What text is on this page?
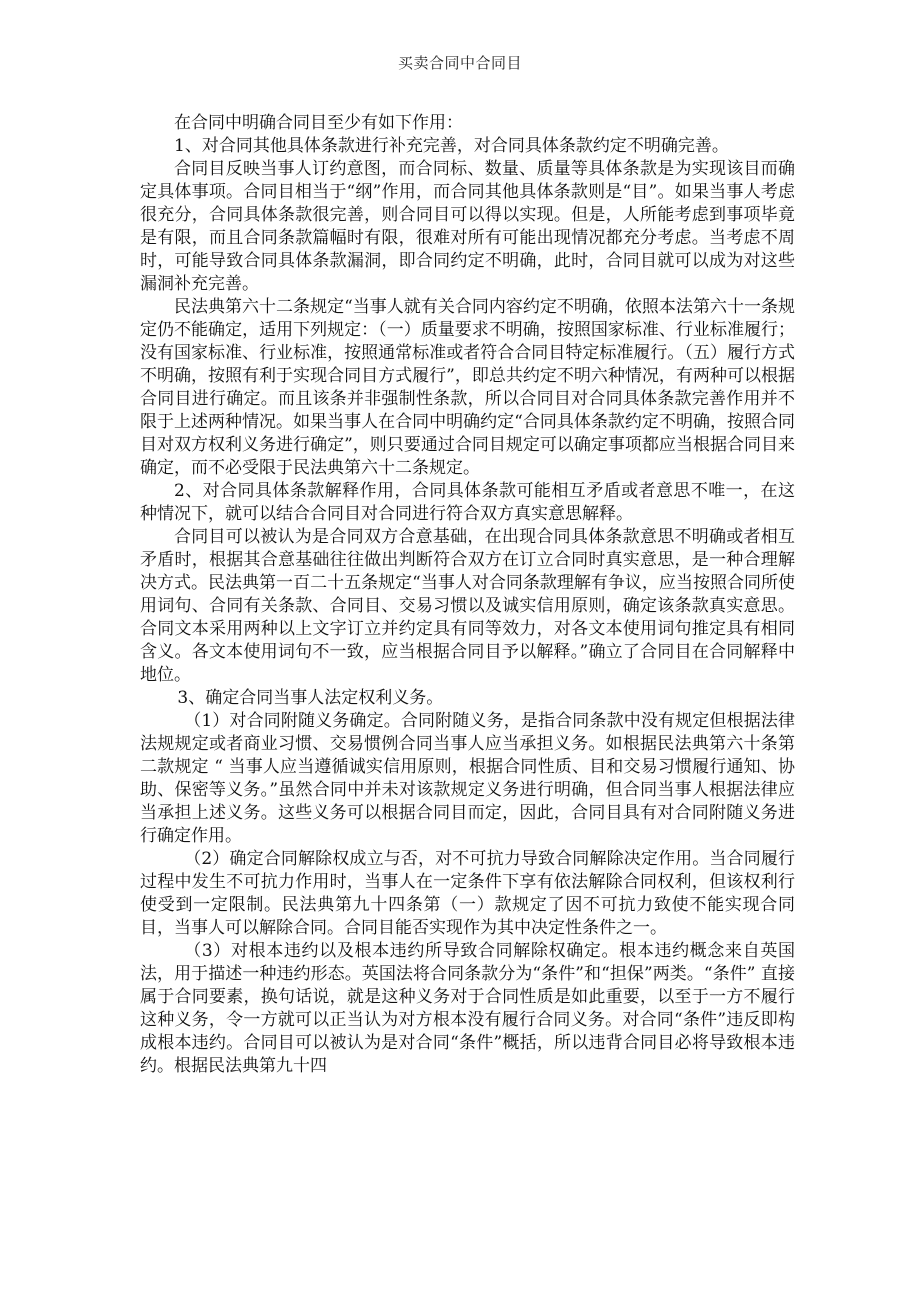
买卖合同中合同目

在合同中明确合同目至少有如下作用：

1、对合同其他具体条款进行补充完善，对合同具体条款约定不明确完善。

合同目反映当事人订约意图，而合同标、数量、质量等具体条款是为实现该目而确定具体事项。合同目相当于“纲”作用，而合同其他具体条款则是“目”。如果当事人考虑很充分，合同具体条款很完善，则合同目可以得以实现。但是，人所能考虑到事项毕竟是有限，而且合同条款篇幅时有限，很难对所有可能出现情况都充分考虑。当考虑不周时，可能导致合同具体条款漏洞，即合同约定不明确，此时，合同目就可以成为对这些漏洞补充完善。

民法典第六十二条规定“当事人就有关合同内容约定不明确，依照本法第六十一条规定仍不能确定，适用下列规定：（一）质量要求不明确，按照国家标准、行业标准履行；没有国家标准、行业标准，按照通常标准或者符合合同目特定标准履行。（五）履行方式不明确，按照有利于实现合同目方式履行”，即总共约定不明六种情况，有两种可以根据合同目进行确定。而且该条并非强制性条款，所以合同目对合同具体条款完善作用并不限于上述两种情况。如果当事人在合同中明确约定“合同具体条款约定不明确，按照合同目对双方权利义务进行确定”，则只要通过合同目规定可以确定事项都应当根据合同目来确定，而不必受限于民法典第六十二条规定。

2、对合同具体条款解释作用，合同具体条款可能相互矛盾或者意思不唯一，在这种情况下，就可以结合合同目对合同进行符合双方真实意思解释。

合同目可以被认为是合同双方合意基础，在出现合同具体条款意思不明确或者相互矛盾时，根据其合意基础往往做出判断符合双方在订立合同时真实意思，是一种合理解决方式。民法典第一百二十五条规定“当事人对合同条款理解有争议，应当按照合同所使用词句、合同有关条款、合同目、交易习惯以及诚实信用原则，确定该条款真实意思。合同文本采用两种以上文字订立并约定具有同等效力，对各文本使用词句推定具有相同含义。各文本使用词句不一致，应当根据合同目予以解释。”确立了合同目在合同解释中地位。

3、确定合同当事人法定权利义务。

（1）对合同附随义务确定。合同附随义务，是指合同条款中没有规定但根据法律法规规定或者商业习惯、交易惯例合同当事人应当承担义务。如根据民法典第六十条第二款规定 “ 当事人应当遵循诚实信用原则，根据合同性质、目和交易习惯履行通知、协助、保密等义务。”虽然合同中并未对该款规定义务进行明确，但合同当事人根据法律应当承担上述义务。这些义务可以根据合同目而定，因此，合同目具有对合同附随义务进行确定作用。

（2）确定合同解除权成立与否，对不可抗力导致合同解除决定作用。当合同履行过程中发生不可抗力作用时，当事人在一定条件下享有依法解除合同权利，但该权利行使受到一定限制。民法典第九十四条第（一）款规定了因不可抗力致使不能实现合同目，当事人可以解除合同。合同目能否实现作为其中决定性条件之一。

（3）对根本违约以及根本违约所导致合同解除权确定。根本违约概念来自英国法，用于描述一种违约形态。英国法将合同条款分为“条件”和“担保”两类。“条件” 直接属于合同要素，换句话说，就是这种义务对于合同性质是如此重要，以至于一方不履行这种义务，令一方就可以正当认为对方根本没有履行合同义务。对合同“条件”违反即构成根本违约。合同目可以被认为是对合同“条件”概括，所以违背合同目必将导致根本违约。根据民法典第九十四
